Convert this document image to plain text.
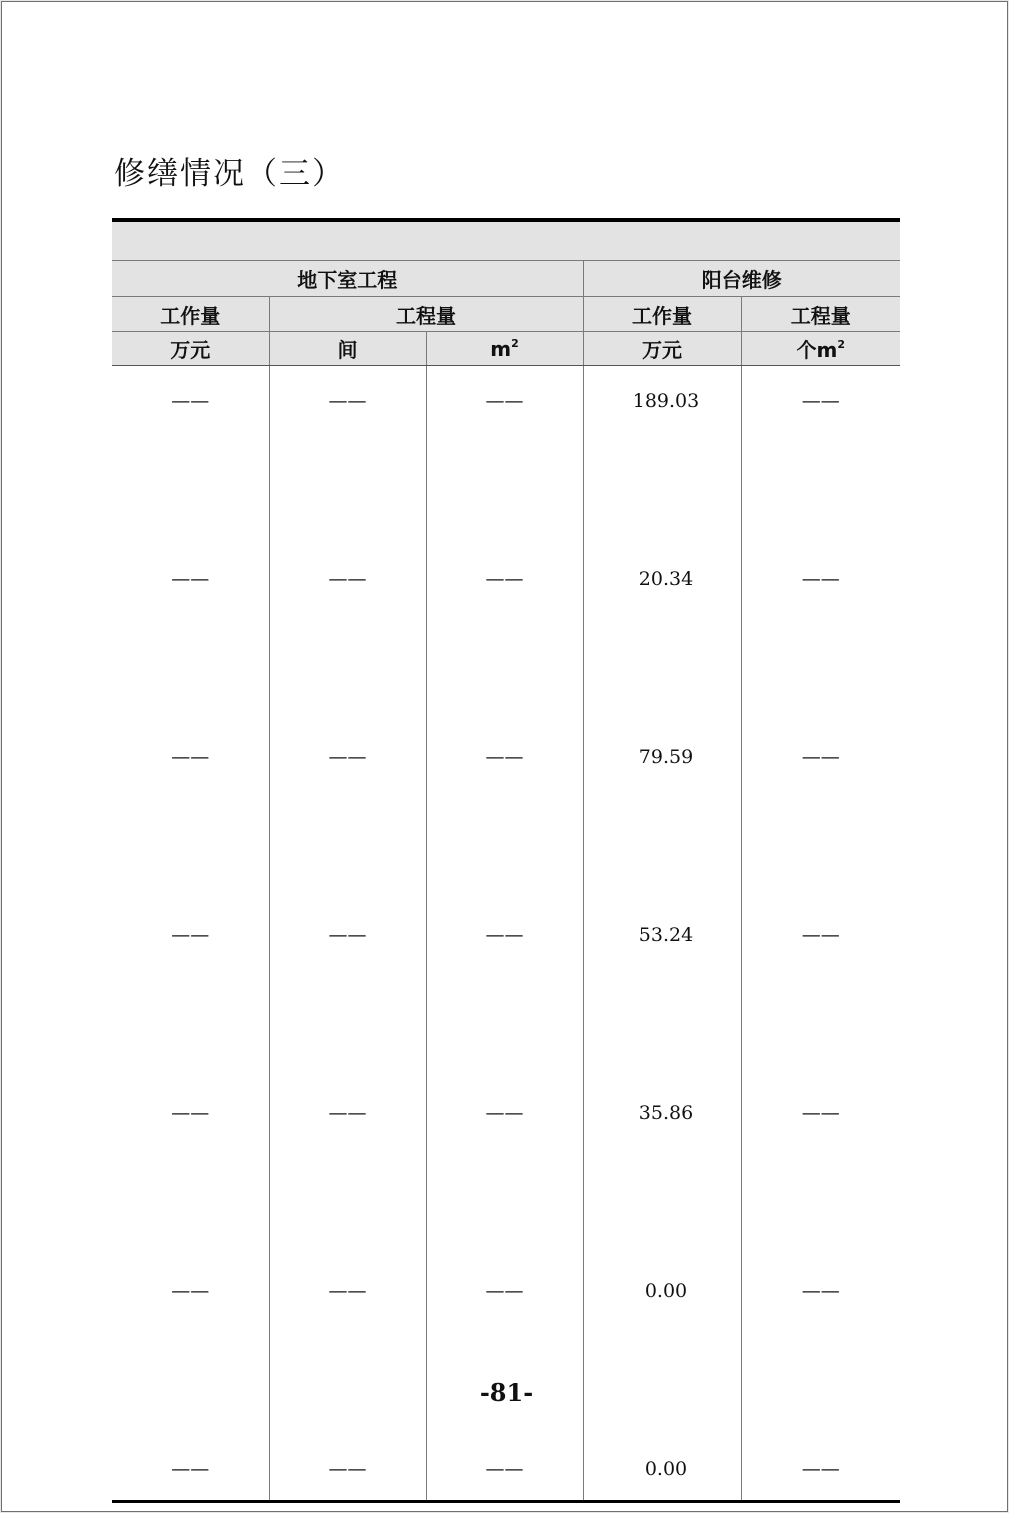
修缮情况（三）

地下室工程			阳台维修	
工作量	工程量		工作量	工程量
万元	间	$m^2$	万元	个$m^2$
——	——	——	189.03	——
——	——	——	20.34	——
——	——	——	79.59	——
——	——	——	53.24	——
——	——	——	35.86	——
——	——	——	0.00	——
——	——	——	0.00	——
-81-
